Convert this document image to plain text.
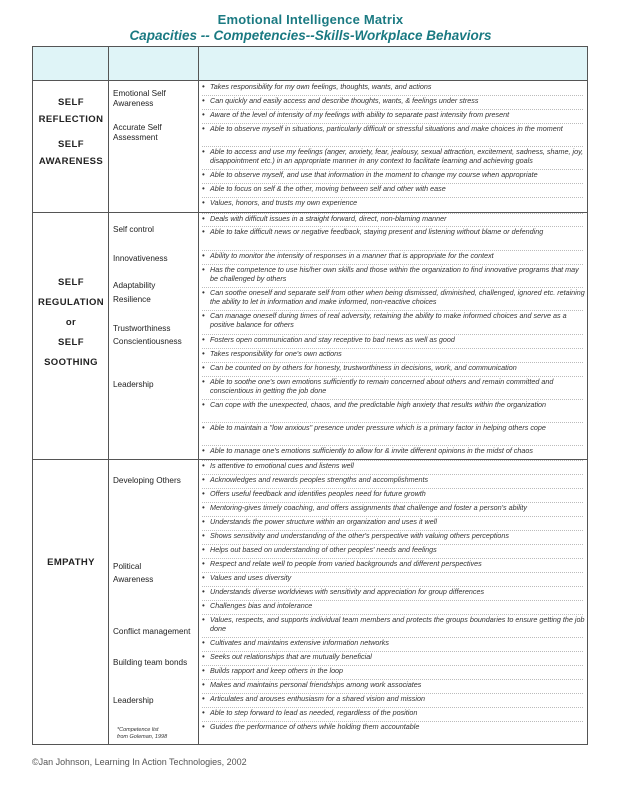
Emotional Intelligence Matrix
Capacities -- Competencies--Skills-Workplace Behaviors
SELF
REFLECTION
SELF
AWARENESS
SELF
REGULATION
or
SELF
SOOTHING
EMPATHY
Emotional Self Awareness
Accurate Self Assessment
Self control
Innovativeness
Adaptability
Resilience
Trustworthiness
Conscientiousness
Leadership
Developing Others
Political
Awareness
Conflict management
Building team bonds
Leadership
*Competence list
from Goleman, 1998
• Takes responsibility for my own feelings, thoughts, wants, and actions
• Can quickly and easily access and describe thoughts, wants, & feelings under stress
• Aware of the level of intensity of my feelings with ability to separate past intensity from present
• Able to observe myself in situations, particularly difficult or stressful situations and make choices in the moment
• Able to access and use my feelings (anger, anxiety, fear, jealousy, sexual attraction, excitement, sadness, shame, joy, disappointment etc.) in an appropriate manner in any context to facilitate learning and achieving goals
• Able to observe myself, and use that information in the moment to change my course when appropriate
• Able to focus on self & the other, moving between self and other with ease
• Values, honors, and trusts my own experience
• Deals with difficult issues in a straight forward, direct, non-blaming manner
• Able to take difficult news or negative feedback, staying present and listening without blame or defending
• Ability to monitor the intensity of responses in a manner that is appropriate for the context
• Has the competence to use his/her own skills and those within the organization to find innovative programs that may be challenged by others
• Can soothe oneself and separate self from other when being dismissed, diminished, challenged, ignored etc. retaining the ability to let in information and make informed, non-reactive choices
• Can manage oneself during times of real adversity, retaining the ability to make informed choices and serve as a positive balance for others
• Fosters open communication and stay receptive to bad news as well as good
• Takes responsibility for one's own actions
• Can be counted on by others for honesty, trustworthiness in decisions, work, and communication
• Able to soothe one's own emotions sufficiently to remain concerned about others and remain committed and conscientious in getting the job done
• Can cope with the unexpected, chaos, and the predictable high anxiety that results within the organization
• Able to maintain a "low anxious" presence under pressure which is a primary factor in helping others cope
• Able to manage one's emotions sufficiently to allow for & invite different opinions in the midst of chaos
• Is attentive to emotional cues and listens well
• Acknowledges and rewards peoples strengths and accomplishments
• Offers useful feedback and identifies peoples need for future growth
• Mentoring-gives timely coaching, and offers assignments that challenge and foster a person's ability
• Understands the power structure within an organization and uses it well
• Shows sensitivity and understanding of the other's perspective with valuing others perceptions
• Helps out based on understanding of other peoples' needs and feelings
• Respect and relate well to people from varied backgrounds and different perspectives
• Values and uses diversity
• Understands diverse worldviews with sensitivity and appreciation for group differences
• Challenges bias and intolerance
• Values, respects, and supports individual team members and protects the groups boundaries to ensure getting the job done
• Cultivates and maintains extensive information networks
• Seeks out relationships that are mutually beneficial
• Builds rapport and keep others in the loop
• Makes and maintains personal friendships among work associates
• Articulates and arouses enthusiasm for a shared vision and mission
• Able to step forward to lead as needed, regardless of the position
• Guides the performance of others while holding them accountable
©Jan Johnson, Learning In Action Technologies, 2002
